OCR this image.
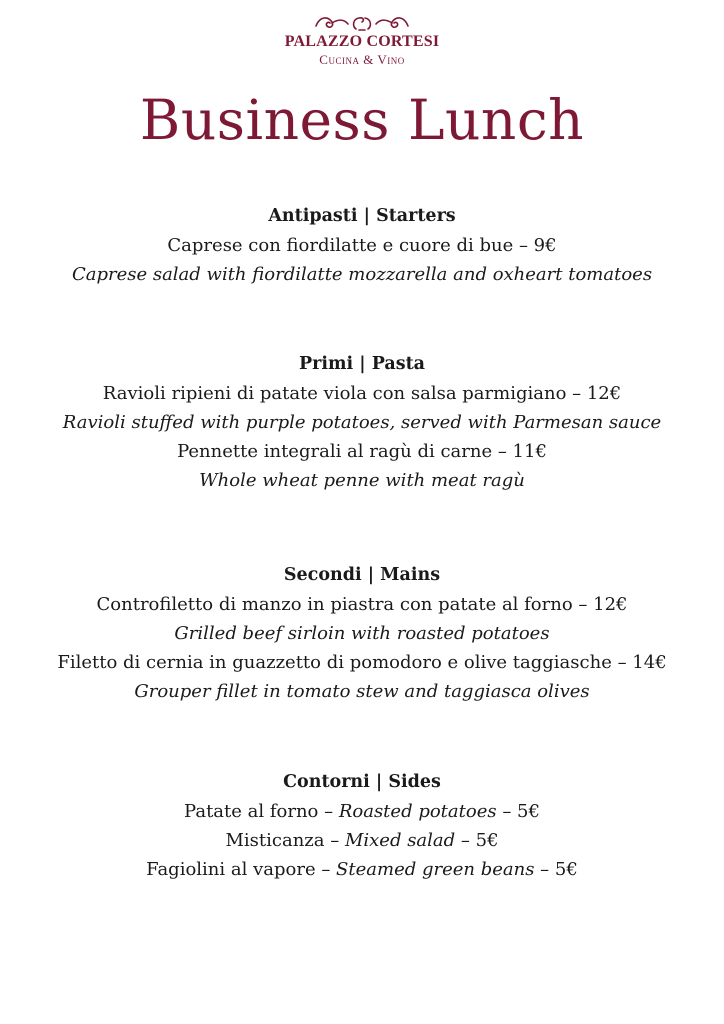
PALAZZO CORTESI
Cucina & Vino
Business Lunch
Antipasti | Starters
Caprese con fiordilatte e cuore di bue – 9€
Caprese salad with fiordilatte mozzarella and oxheart tomatoes
Primi | Pasta
Ravioli ripieni di patate viola con salsa parmigiano – 12€
Ravioli stuffed with purple potatoes, served with Parmesan sauce
Pennette integrali al ragù di carne – 11€
Whole wheat penne with meat ragù
Secondi | Mains
Controfiletto di manzo in piastra con patate al forno – 12€
Grilled beef sirloin with roasted potatoes
Filetto di cernia in guazzetto di pomodoro e olive taggiasche – 14€
Grouper fillet in tomato stew and taggiasca olives
Contorni | Sides
Patate al forno – Roasted potatoes – 5€
Misticanza – Mixed salad – 5€
Fagiolini al vapore – Steamed green beans – 5€
